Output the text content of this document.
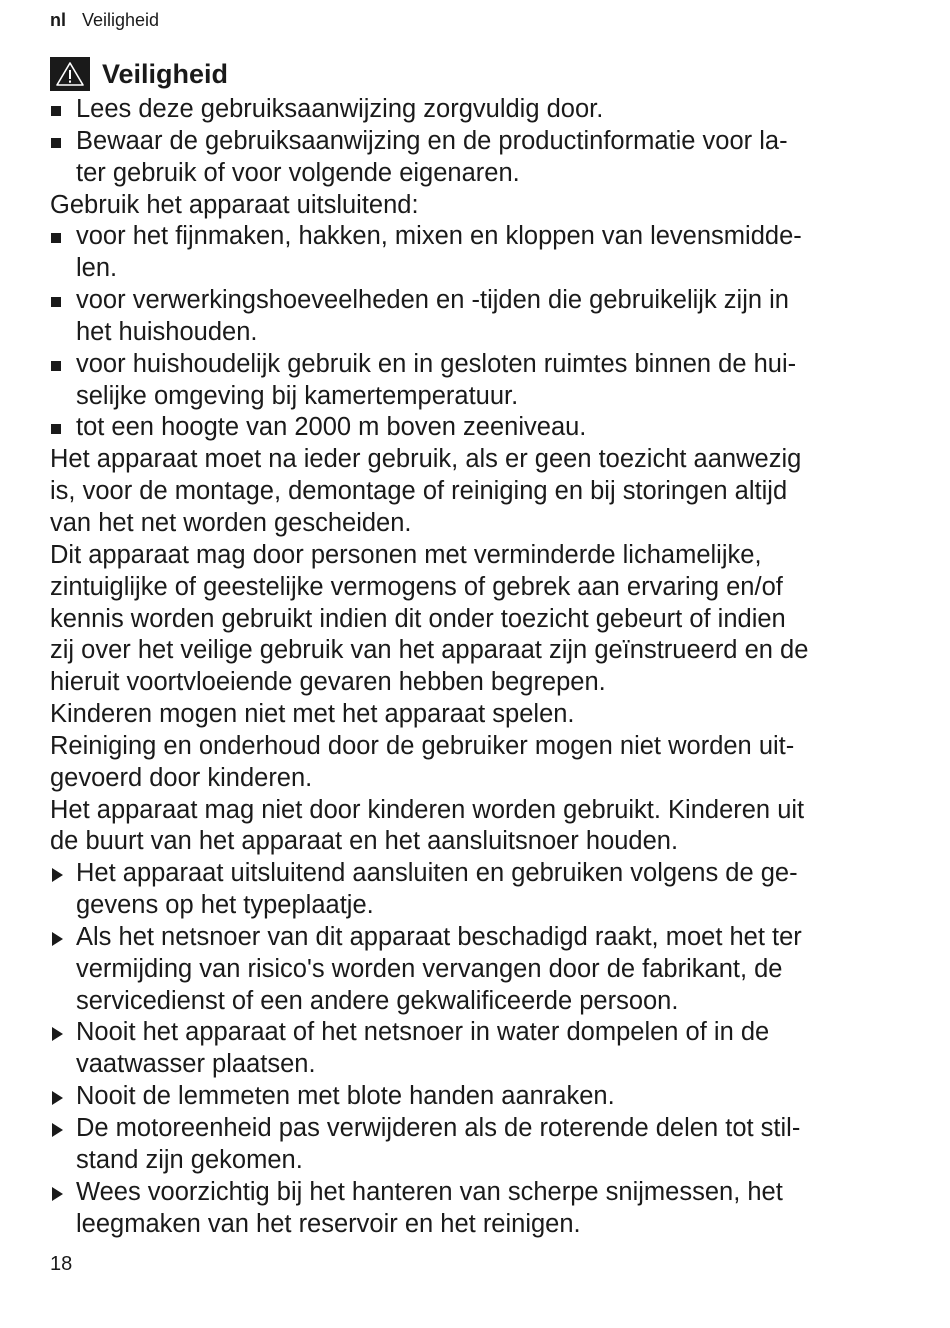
nl Veiligheid
Veiligheid
Lees deze gebruiksaanwijzing zorgvuldig door.
Bewaar de gebruiksaanwijzing en de productinformatie voor la-
ter gebruik of voor volgende eigenaren.

Gebruik het apparaat uitsluitend:

voor het fijnmaken, hakken, mixen en kloppen van levensmidde-
len.
voor verwerkingshoeveelheden en -tijden die gebruikelijk zijn in
het huishouden.
voor huishoudelijk gebruik en in gesloten ruimtes binnen de hui-
selijke omgeving bij kamertemperatuur.
tot een hoogte van 2000 m boven zeeniveau.

Het apparaat moet na ieder gebruik, als er geen toezicht aanwezig
is, voor de montage, demontage of reiniging en bij storingen altijd
van het net worden gescheiden.

Dit apparaat mag door personen met verminderde lichamelijke,
zintuiglijke of geestelijke vermogens of gebrek aan ervaring en/of
kennis worden gebruikt indien dit onder toezicht gebeurt of indien
zij over het veilige gebruik van het apparaat zijn geïnstrueerd en de
hieruit voortvloeiende gevaren hebben begrepen.

Kinderen mogen niet met het apparaat spelen.

Reiniging en onderhoud door de gebruiker mogen niet worden uit-
gevoerd door kinderen.

Het apparaat mag niet door kinderen worden gebruikt. Kinderen uit
de buurt van het apparaat en het aansluitsnoer houden.

Het apparaat uitsluitend aansluiten en gebruiken volgens de ge-
gevens op het typeplaatje.
Als het netsnoer van dit apparaat beschadigd raakt, moet het ter
vermijding van risico's worden vervangen door de fabrikant, de
servicedienst of een andere gekwalificeerde persoon.
Nooit het apparaat of het netsnoer in water dompelen of in de
vaatwasser plaatsen.
Nooit de lemmeten met blote handen aanraken.
De motoreenheid pas verwijderen als de roterende delen tot stil-
stand zijn gekomen.
Wees voorzichtig bij het hanteren van scherpe snijmessen, het
leegmaken van het reservoir en het reinigen.
18
